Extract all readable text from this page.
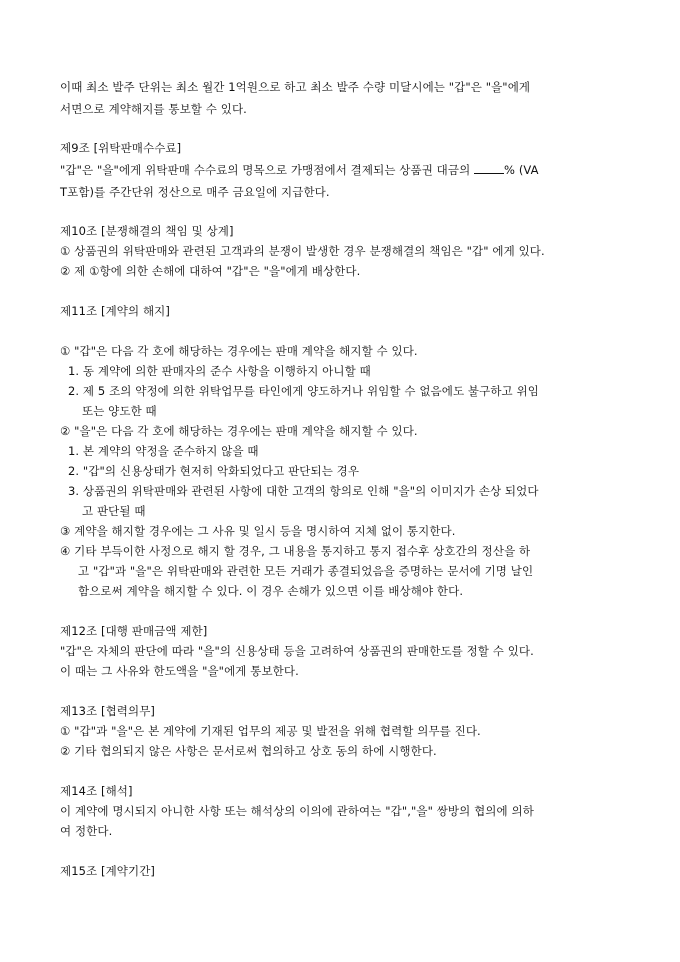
이때 최소 발주 단위는 최소 월간 1억원으로 하고 최소 발주 수량 미달시에는 "갑"은 "을"에게
서면으로 계약해지를 통보할 수 있다.
제9조 [위탁판매수수료]
"갑"은 "을"에게 위탁판매 수수료의 명목으로 가맹점에서 결제되는 상품권 대금의	% (VA
T포함)를 주간단위 정산으로 매주 금요일에 지급한다.
제10조 [분쟁해결의 책임 및 상계]
① 상품권의 위탁판매와 관련된 고객과의 분쟁이 발생한 경우 분쟁해결의 책임은 "갑" 에게 있다.
② 제 ①항에 의한 손해에 대하여 "갑"은 "을"에게 배상한다.
제11조 [계약의 해지]
① "갑"은 다음 각 호에 해당하는 경우에는 판매 계약을 해지할 수 있다.
1. 동 계약에 의한 판매자의 준수 사항을 이행하지 아니할 때
2. 제 5 조의 약정에 의한 위탁업무를 타인에게 양도하거나 위임할 수 없음에도 불구하고 위임
또는 양도한 때
② "을"은 다음 각 호에 해당하는 경우에는 판매 계약을 해지할 수 있다.
1. 본 계약의 약정을 준수하지 않을 때
2. "갑"의 신용상태가 현저히 악화되었다고 판단되는 경우
3. 상품권의 위탁판매와 관련된 사항에 대한 고객의 항의로 인해 "을"의 이미지가 손상 되었다
고 판단될 때
③ 계약을 해지할 경우에는 그 사유 및 일시 등을 명시하여 지체 없이 통지한다.
④ 기타 부득이한 사정으로 해지 할 경우, 그 내용을 통지하고 통지 접수후 상호간의 정산을 하
고 "갑"과 "을"은 위탁판매와 관련한 모든 거래가 종결되었음을 증명하는 문서에 기명 날인
함으로써 계약을 해지할 수 있다. 이 경우 손해가 있으면 이를 배상해야 한다.
제12조 [대행 판매금액 제한]
"갑"은 자체의 판단에 따라 "을"의 신용상태 등을 고려하여 상품권의 판매한도를 정할 수 있다.
이 때는 그 사유와 한도액을 "을"에게 통보한다.
제13조 [협력의무]
① "갑"과 "을"은 본 계약에 기재된 업무의 제공 및 발전을 위해 협력할 의무를 진다.
② 기타 협의되지 않은 사항은 문서로써 협의하고 상호 동의 하에 시행한다.
제14조 [해석]
이 계약에 명시되지 아니한 사항 또는 해석상의 이의에 관하여는 "갑","을" 쌍방의 협의에 의하
여 정한다.
제15조 [계약기간]
